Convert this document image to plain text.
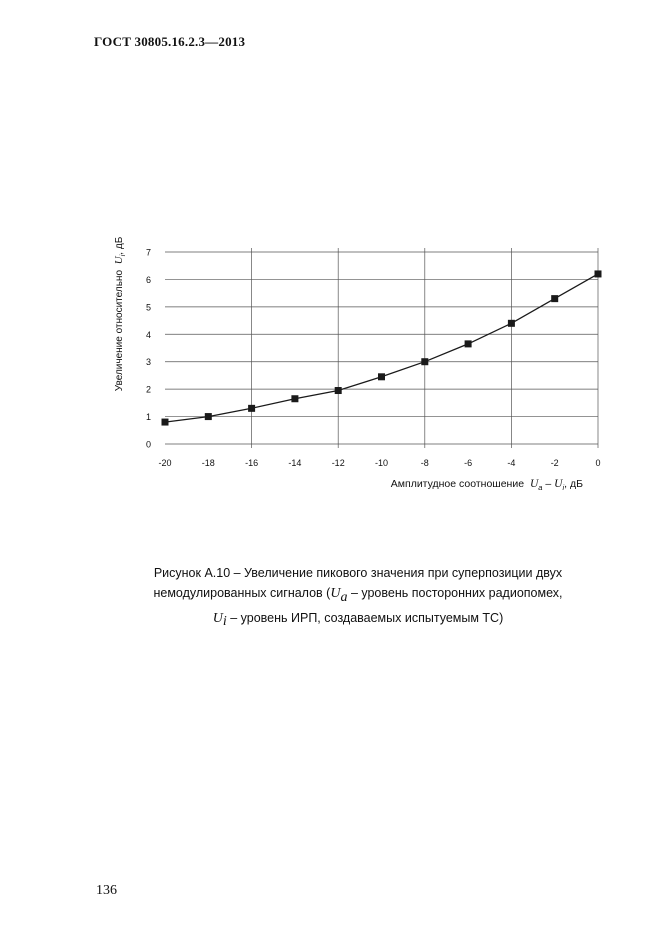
ГОСТ 30805.16.2.3—2013
0
1
2
3
4
5
6
7
-20	-18	-16	-14	-12	-10	-8	-6	-4	-2	0
Увеличение относительно $U_i$, дБ
Амплитудное соотношение $U_a - U_i$, дБ
Рисунок А.10 – Увеличение пикового значения при суперпозиции двух
немодулированных сигналов ($U_a$ – уровень посторонних радиопомех,
$U_i$ – уровень ИРП, создаваемых испытуемым ТС)
136
